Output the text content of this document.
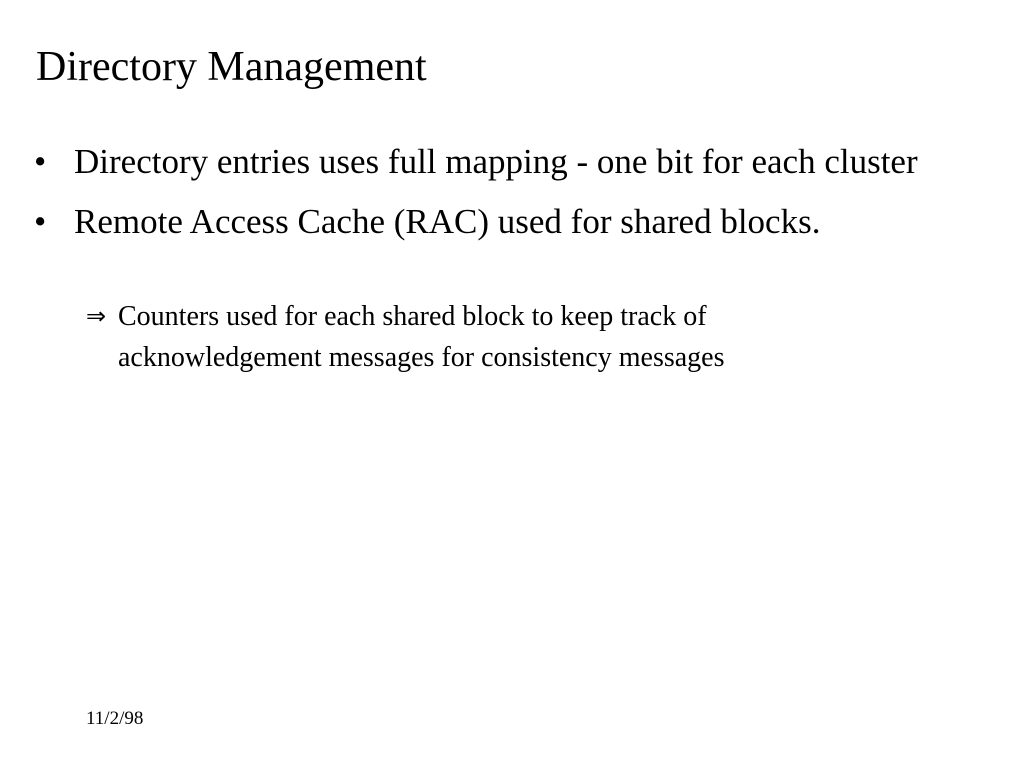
Directory Management
• Directory entries uses full mapping - one bit for each cluster
• Remote Access Cache (RAC) used for shared blocks.
⇒ Counters used for each shared block to keep track of acknowledgement messages for consistency messages
11/2/98
